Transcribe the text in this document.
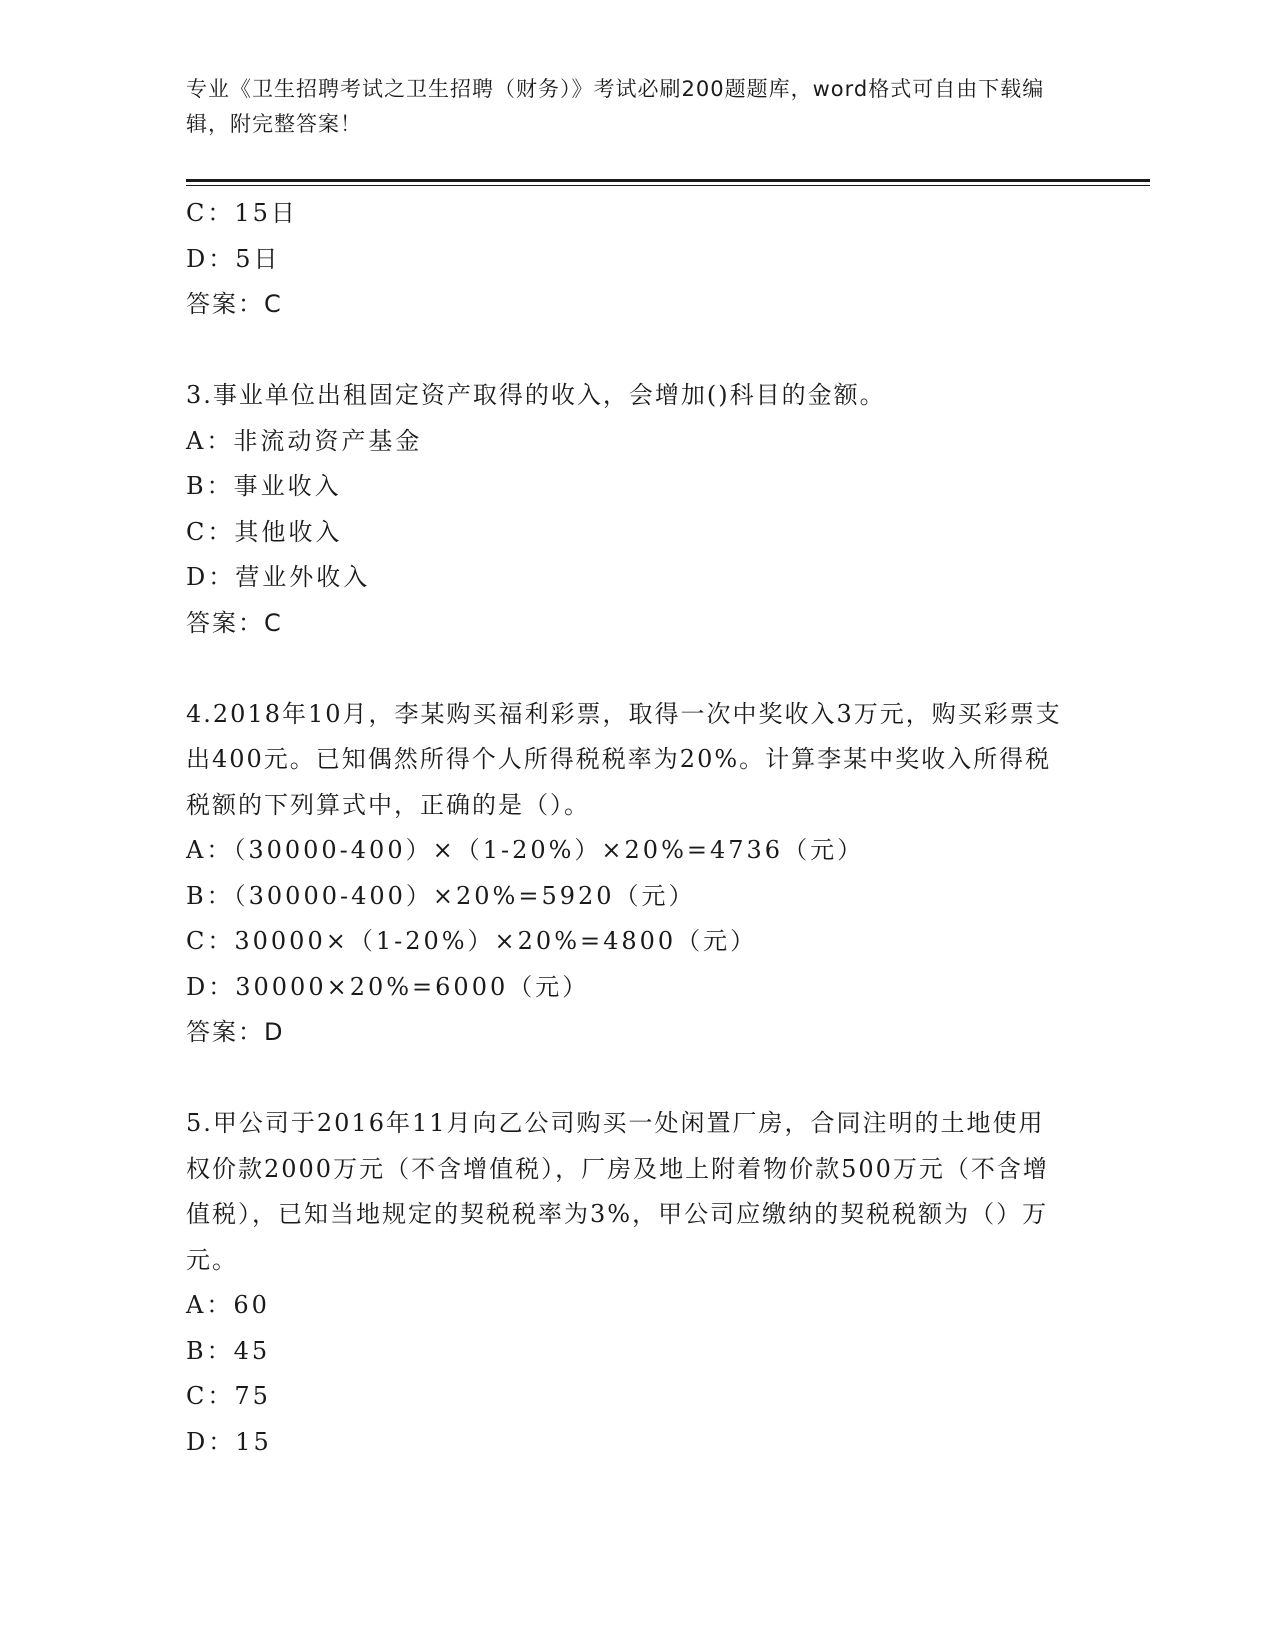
专业《卫生招聘考试之卫生招聘（财务）》考试必刷200题题库，word格式可自由下载编辑，附完整答案！
C：15日
D：5日
答案：C
3.事业单位出租固定资产取得的收入，会增加()科目的金额。
A：非流动资产基金
B：事业收入
C：其他收入
D：营业外收入
答案：C
4.2018年10月，李某购买福利彩票，取得一次中奖收入3万元，购买彩票支出400元。已知偶然所得个人所得税税率为20%。计算李某中奖收入所得税税额的下列算式中，正确的是（）。
A：（30000-400）×（1-20%）×20%=4736（元）
B：（30000-400）×20%=5920（元）
C：30000×（1-20%）×20%=4800（元）
D：30000×20%=6000（元）
答案：D
5.甲公司于2016年11月向乙公司购买一处闲置厂房，合同注明的土地使用权价款2000万元（不含增值税），厂房及地上附着物价款500万元（不含增值税），已知当地规定的契税税率为3%，甲公司应缴纳的契税税额为（）万元。
A：60
B：45
C：75
D：15
